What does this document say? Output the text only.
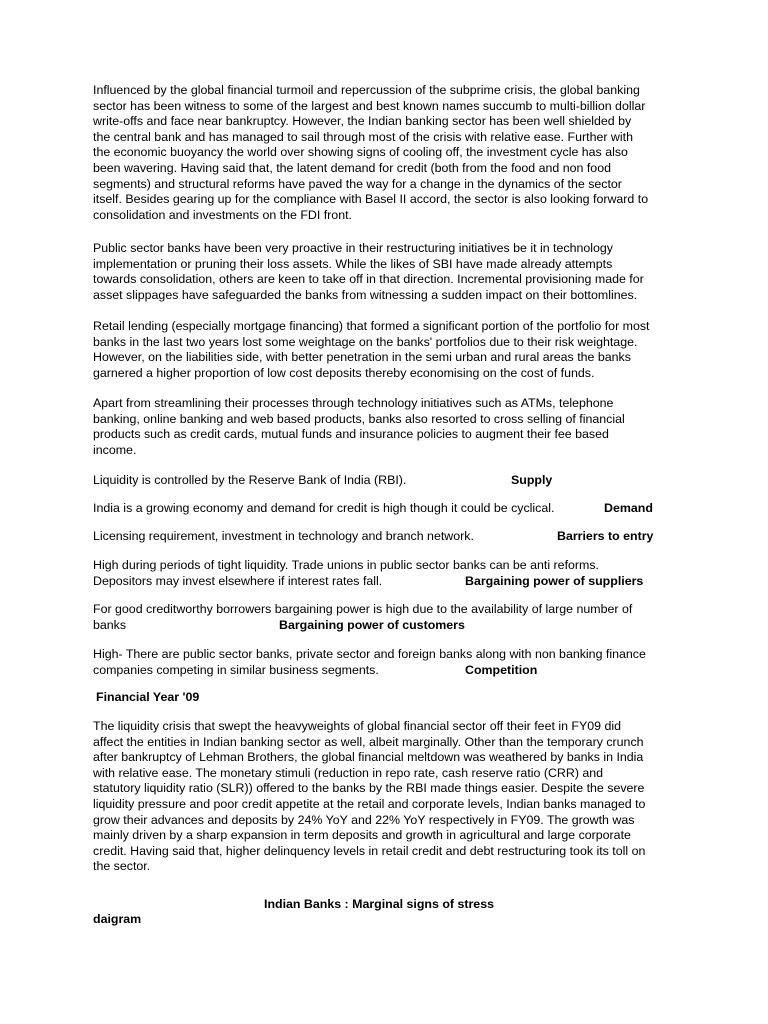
Influenced by the global financial turmoil and repercussion of the subprime crisis, the global banking
sector has been witness to some of the largest and best known names succumb to multi-billion dollar
write-offs and face near bankruptcy. However, the Indian banking sector has been well shielded by
the central bank and has managed to sail through most of the crisis with relative ease. Further with
the economic buoyancy the world over showing signs of cooling off, the investment cycle has also
been wavering. Having said that, the latent demand for credit (both from the food and non food
segments) and structural reforms have paved the way for a change in the dynamics of the sector
itself. Besides gearing up for the compliance with Basel II accord, the sector is also looking forward to
consolidation and investments on the FDI front.
Public sector banks have been very proactive in their restructuring initiatives be it in technology
implementation or pruning their loss assets. While the likes of SBI have made already attempts
towards consolidation, others are keen to take off in that direction. Incremental provisioning made for
asset slippages have safeguarded the banks from witnessing a sudden impact on their bottomlines.
Retail lending (especially mortgage financing) that formed a significant portion of the portfolio for most
banks in the last two years lost some weightage on the banks' portfolios due to their risk weightage.
However, on the liabilities side, with better penetration in the semi urban and rural areas the banks
garnered a higher proportion of low cost deposits thereby economising on the cost of funds.
Apart from streamlining their processes through technology initiatives such as ATMs, telephone
banking, online banking and web based products, banks also resorted to cross selling of financial
products such as credit cards, mutual funds and insurance policies to augment their fee based
income.
Liquidity is controlled by the Reserve Bank of India (RBI).	Supply
India is a growing economy and demand for credit is high though it could be cyclical.	Demand
Licensing requirement, investment in technology and branch network.	Barriers to entry
High during periods of tight liquidity. Trade unions in public sector banks can be anti reforms.
Depositors may invest elsewhere if interest rates fall.	Bargaining power of suppliers
For good creditworthy borrowers bargaining power is high due to the availability of large number of
banks	Bargaining power of customers
High- There are public sector banks, private sector and foreign banks along with non banking finance
companies competing in similar business segments.	Competition
Financial Year '09
The liquidity crisis that swept the heavyweights of global financial sector off their feet in FY09 did
affect the entities in Indian banking sector as well, albeit marginally. Other than the temporary crunch
after bankruptcy of Lehman Brothers, the global financial meltdown was weathered by banks in India
with relative ease. The monetary stimuli (reduction in repo rate, cash reserve ratio (CRR) and
statutory liquidity ratio (SLR)) offered to the banks by the RBI made things easier. Despite the severe
liquidity pressure and poor credit appetite at the retail and corporate levels, Indian banks managed to
grow their advances and deposits by 24% YoY and 22% YoY respectively in FY09. The growth was
mainly driven by a sharp expansion in term deposits and growth in agricultural and large corporate
credit. Having said that, higher delinquency levels in retail credit and debt restructuring took its toll on
the sector.
Indian Banks : Marginal signs of stress
daigram
